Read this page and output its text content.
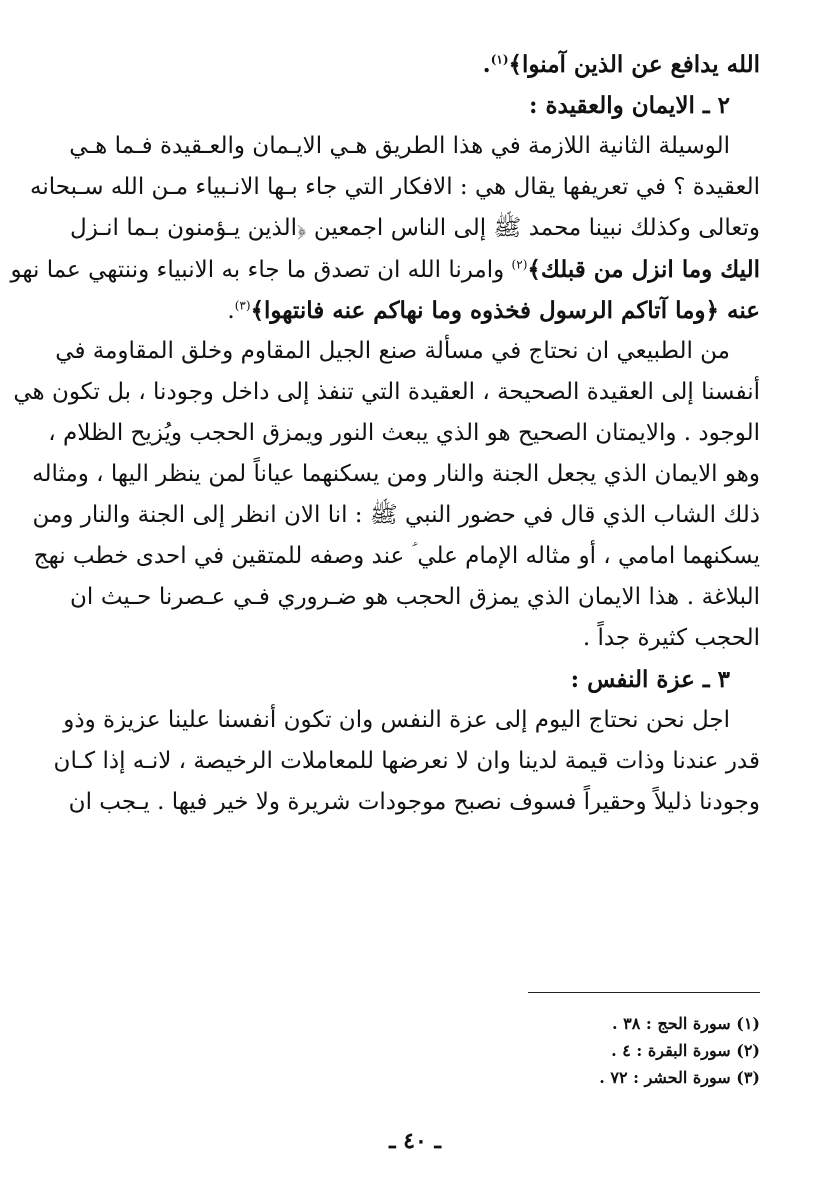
الله يدافع عن الذين آمنوا﴾$^{(١)}$.
٢ ـ الايمان والعقيدة :
الوسيلة الثانية اللازمة في هذا الطريق هـي الايـمان والعـقيدة فـما هـي
العقيدة ؟ في تعريفها يقال هي : الافكار التي جاء بـها الانـبياء مـن الله سـبحانه
وتعالى وكذلك نبينا محمد ﷺ إلى الناس اجمعين ﴿الذين يـؤمنون بـما انـزل
اليك وما انزل من قبلك﴾$^{(٢)}$ وامرنا الله ان تصدق ما جاء به الانبياء وننتهي عما نهو
عنه ﴿وما آتاكم الرسول فخذوه وما نهاكم عنه فانتهوا﴾$^{(٣)}$.
من الطبيعي ان نحتاج في مسألة صنع الجيل المقاوم وخلق المقاومة في
أنفسنا إلى العقيدة الصحيحة ، العقيدة التي تنفذ إلى داخل وجودنا ، بل تكون هي
الوجود . والايمتان الصحيح هو الذي يبعث النور ويمزق الحجب ويُزيح الظلام ،
وهو الايمان الذي يجعل الجنة والنار ومن يسكنهما عياناً لمن ينظر اليها ، ومثاله
ذلك الشاب الذي قال في حضور النبي ﷺ : انا الان انظر إلى الجنة والنار ومن
يسكنهما امامي ، أو مثاله الإمام علي ؑ عند وصفه للمتقين في احدى خطب نهج
البلاغة . هذا الايمان الذي يمزق الحجب هو ضـروري فـي عـصرنا حـيث ان
الحجب كثيرة جداً .
٣ ـ عزة النفس :
اجل نحن نحتاج اليوم إلى عزة النفس وان تكون أنفسنا علينا عزيزة وذو
قدر عندنا وذات قيمة لدينا وان لا نعرضها للمعاملات الرخيصة ، لانـه إذا كـان
وجودنا ذليلاً وحقيراً فسوف نصبح موجودات شريرة ولا خير فيها . يـجب ان
(١) سورة الحج : ٣٨ .
(٢) سورة البقرة : ٤ .
(٣) سورة الحشر : ٧٢ .
ـ ٤٠ ـ
